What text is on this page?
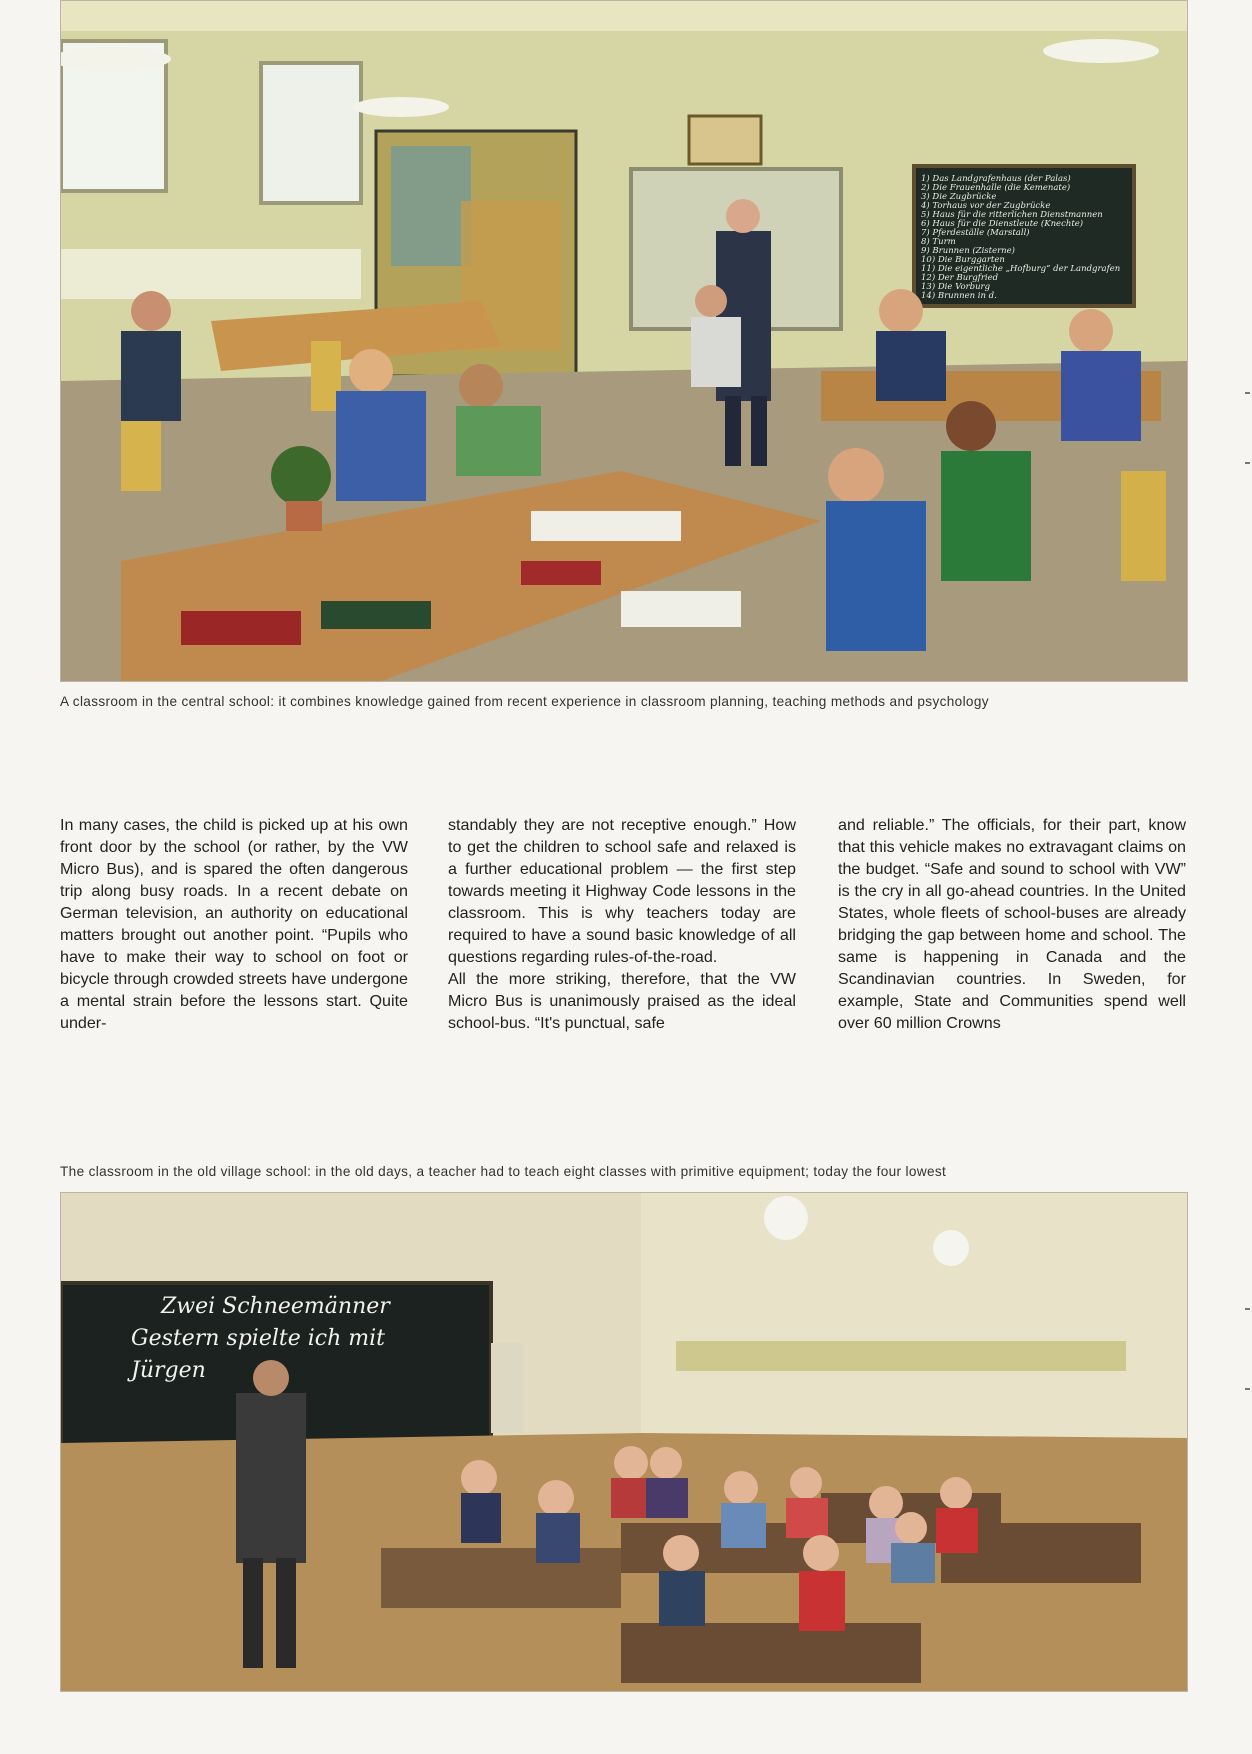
1) Das Landgrafenhaus (der Palas)
2) Die Frauenhalle (die Kemenate)
3) Die Zugbrücke
4) Torhaus vor der Zugbrücke
5) Haus für die ritterlichen Dienstmannen
6) Haus für die Dienstleute (Knechte)
7) Pferdeställe (Marstall)
8) Turm
9) Brunnen (Zisterne)
10) Die Burggarten
11) Die eigentliche „Hofburg“ der Landgrafen
12) Der Burgfried
13) Die Vorburg
14) Brunnen in d.
A classroom in the central school: it combines knowledge gained from recent experience in classroom planning, teaching methods and psychology

In many cases, the child is picked up at his own front door by the school (or rather, by the VW Micro Bus), and is spared the often dangerous trip along busy roads. In a recent debate on German television, an authority on educational matters brought out another point. “Pupils who have to make their way to school on foot or bicycle through crowded streets have undergone a mental strain before the lessons start. Quite under-

standably they are not receptive enough.” How to get the children to school safe and relaxed is a further educational problem — the first step towards meeting it Highway Code lessons in the classroom. This is why teachers today are required to have a sound basic knowledge of all questions regarding rules-of-the-road.

All the more striking, therefore, that the VW Micro Bus is unanimously praised as the ideal school-bus. “It's punctual, safe

and reliable.” The officials, for their part, know that this vehicle makes no extravagant claims on the budget. “Safe and sound to school with VW” is the cry in all go-ahead countries. In the United States, whole fleets of school-buses are already bridging the gap between home and school. The same is happening in Canada and the Scandinavian countries. In Sweden, for example, State and Communities spend well over 60 million Crowns

The classroom in the old village school: in the old days, a teacher had to teach eight classes with primitive equipment; today the four lowest
Zwei Schneemänner
Gestern spielte ich mit
Jürgen
